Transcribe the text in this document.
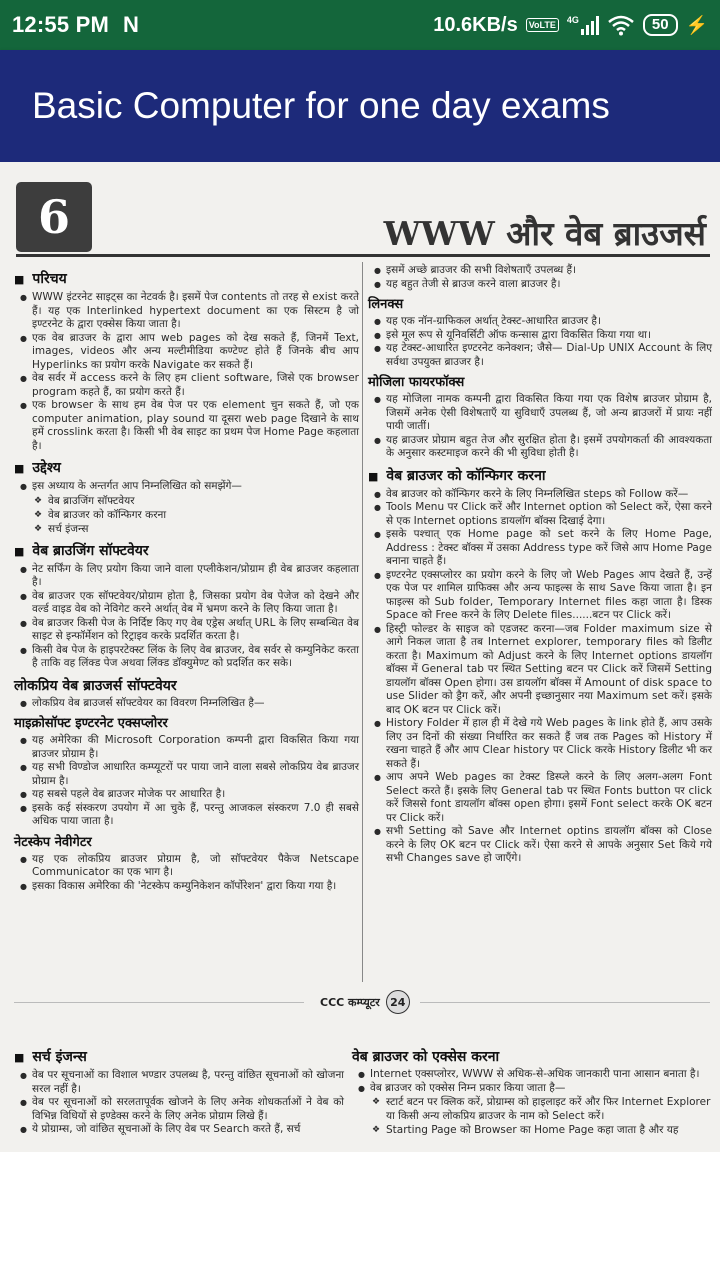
12:55 PM N	10.6KB/s	VoLTE	4G	50 ⚡
Basic Computer for one day exams
6	WWW और वेब ब्राउजर्स
■ परिचय
● WWW इंटरनेट साइट्स का नेटवर्क है। इसमें पेज contents तो तरह से exist करते हैं। यह एक Interlinked hypertext document का एक सिस्टम है जो इण्टरनेट के द्वारा एक्सेस किया जाता है।
● एक वेब ब्राउजर के द्वारा आप web pages को देख सकते हैं, जिनमें Text, images, videos और अन्य मल्टीमीडिया कण्टेण्ट होते हैं जिनके बीच आप Hyperlinks का प्रयोग करके Navigate कर सकते हैं।
● वेब सर्वर में access करने के लिए हम client software, जिसे एक browser program कहते हैं, का प्रयोग करते हैं।
● एक browser के साथ हम वेब पेज पर एक element चुन सकते हैं, जो एक computer animation, play sound या दूसरा web page दिखाने के साथ हमें crosslink करता है। किसी भी वेब साइट का प्रथम पेज Home Page कहलाता है।
■ उद्देश्य
● इस अध्याय के अन्तर्गत आप निम्नलिखित को समझेंगे—
❖ वेब ब्राउजिंग सॉफ्टवेयर
❖ वेब ब्राउजर को कॉन्फिगर करना
❖ सर्च इंजन्स
■ वेब ब्राउजिंग सॉफ्टवेयर
● नेट सर्फिंग के लिए प्रयोग किया जाने वाला एप्लीकेशन/प्रोग्राम ही वेब ब्राउजर कहलाता है।
● वेब ब्राउजर एक सॉफ्टवेयर/प्रोग्राम होता है, जिसका प्रयोग वेब पेजेज को देखने और वर्ल्ड वाइड वेब को नेविगेट करने अर्थात् वेब में भ्रमण करने के लिए किया जाता है।
● वेब ब्राउजर किसी पेज के निर्दिष्ट किए गए वेब एड्रेस अर्थात् URL के लिए सम्बन्धित वेब साइट से इन्फॉर्मेशन को रिट्राइव करके प्रदर्शित करता है।
● किसी वेब पेज के हाइपरटेक्स्ट लिंक के लिए वेब ब्राउजर, वेब सर्वर से कम्युनिकेट करता है ताकि वह लिंक्ड पेज अथवा लिंक्ड डॉक्युमेण्ट को प्रदर्शित कर सके।
लोकप्रिय वेब ब्राउजर्स सॉफ्टवेयर
● लोकप्रिय वेब ब्राउजर्स सॉफ्टवेयर का विवरण निम्नलिखित है—
माइक्रोसॉफ्ट इण्टरनेट एक्सप्लोरर
● यह अमेरिका की Microsoft Corporation कम्पनी द्वारा विकसित किया गया ब्राउजर प्रोग्राम है।
● यह सभी विण्डोज आधारित कम्प्यूटरों पर पाया जाने वाला सबसे लोकप्रिय वेब ब्राउजर प्रोग्राम है।
● यह सबसे पहले वेब ब्राउजर मोजेक पर आधारित है।
● इसके कई संस्करण उपयोग में आ चुके हैं, परन्तु आजकल संस्करण 7.0 ही सबसे अधिक पाया जाता है।
नेटस्केप नेवीगेटर
● यह एक लोकप्रिय ब्राउजर प्रोग्राम है, जो सॉफ्टवेयर पैकेज Netscape Communicator का एक भाग है।
● इसका विकास अमेरिका की 'नेटस्केप कम्युनिकेशन कॉर्पोरेशन' द्वारा किया गया है।
● इसमें अच्छे ब्राउजर की सभी विशेषताएँ उपलब्ध हैं।
● यह बहुत तेजी से ब्राउज करने वाला ब्राउजर है।
लिनक्स
● यह एक नॉन-ग्राफिकल अर्थात् टेक्स्ट-आधारित ब्राउजर है।
● इसे मूल रूप से यूनिवर्सिटी ऑफ कन्सास द्वारा विकसित किया गया था।
● यह टेक्स्ट-आधारित इण्टरनेट कनेक्शन; जैसे— Dial-Up UNIX Account के लिए सर्वथा उपयुक्त ब्राउजर है।
मोजिला फायरफॉक्स
● यह मोजिला नामक कम्पनी द्वारा विकसित किया गया एक विशेष ब्राउजर प्रोग्राम है, जिसमें अनेक ऐसी विशेषताएँ या सुविधाएँ उपलब्ध हैं, जो अन्य ब्राउजरों में प्रायः नहीं पायी जातीं।
● यह ब्राउजर प्रोग्राम बहुत तेज और सुरक्षित होता है। इसमें उपयोगकर्ता की आवश्यकता के अनुसार कस्टमाइज करने की भी सुविधा होती है।
■ वेब ब्राउजर को कॉन्फिगर करना
● वेब ब्राउजर को कॉन्फिगर करने के लिए निम्नलिखित steps को Follow करें—
● Tools Menu पर Click करें और Internet option को Select करें, ऐसा करने से एक Internet options डायलॉग बॉक्स दिखाई देगा।
● इसके पश्चात् एक Home page को set करने के लिए Home Page, Address : टेक्स्ट बॉक्स में उसका Address type करें जिसे आप Home Page बनाना चाहते हैं।
● इण्टरनेट एक्सप्लोरर का प्रयोग करने के लिए जो Web Pages आप देखते हैं, उन्हें एक पेज पर शामिल ग्राफिक्स और अन्य फाइल्स के साथ Save किया जाता है। इन फाइल्स को Sub folder, Temporary Internet files कहा जाता है। डिस्क Space को Free करने के लिए Delete files......बटन पर Click करें।
● हिस्ट्री फोल्डर के साइज को एडजस्ट करना—जब Folder maximum size से आगे निकल जाता है तब Internet explorer, temporary files को डिलीट करता है। Maximum को Adjust करने के लिए Internet options डायलॉग बॉक्स में General tab पर स्थित Setting बटन पर Click करें जिसमें Setting डायलॉग बॉक्स Open होगा। उस डायलॉग बॉक्स में Amount of disk space to use Slider को ड्रैग करें, और अपनी इच्छानुसार नया Maximum set करें। इसके बाद OK बटन पर Click करें।
● History Folder में हाल ही में देखे गये Web pages के link होते हैं, आप उसके लिए उन दिनों की संख्या निर्धारित कर सकते हैं जब तक Pages को History में रखना चाहते हैं और आप Clear history पर Click करके History डिलीट भी कर सकते हैं।
● आप अपने Web pages का टेक्स्ट डिस्प्ले करने के लिए अलग-अलग Font Select करते हैं। इसके लिए General tab पर स्थित Fonts button पर click करें जिससे font डायलॉग बॉक्स open होगा। इसमें Font select करके OK बटन पर Click करें।
● सभी Setting को Save और Internet optins डायलॉग बॉक्स को Close करने के लिए OK बटन पर Click करें। ऐसा करने से आपके अनुसार Set किये गये सभी Changes save हो जाएँगे।
CCC कम्प्यूटर 24
■ सर्च इंजन्स
● वेब पर सूचनाओं का विशाल भण्डार उपलब्ध है, परन्तु वांछित सूचनाओं को खोजना सरल नहीं है।
● वेब पर सूचनाओं को सरलतापूर्वक खोजने के लिए अनेक शोधकर्ताओं ने वेब को विभिन्न विधियों से इण्डेक्स करने के लिए अनेक प्रोग्राम लिखे हैं।
● ये प्रोग्राम्स, जो वांछित सूचनाओं के लिए वेब पर Search करते हैं, सर्च
वेब ब्राउजर को एक्सेस करना
● Internet एक्सप्लोरर, WWW से अधिक-से-अधिक जानकारी पाना आसान बनाता है।
● वेब ब्राउजर को एक्सेस निम्न प्रकार किया जाता है—
❖ स्टार्ट बटन पर क्लिक करें, प्रोग्राम्स को हाइलाइट करें और फिर Internet Explorer या किसी अन्य लोकप्रिय ब्राउजर के नाम को Select करें।
❖ Starting Page को Browser का Home Page कहा जाता है और यह
